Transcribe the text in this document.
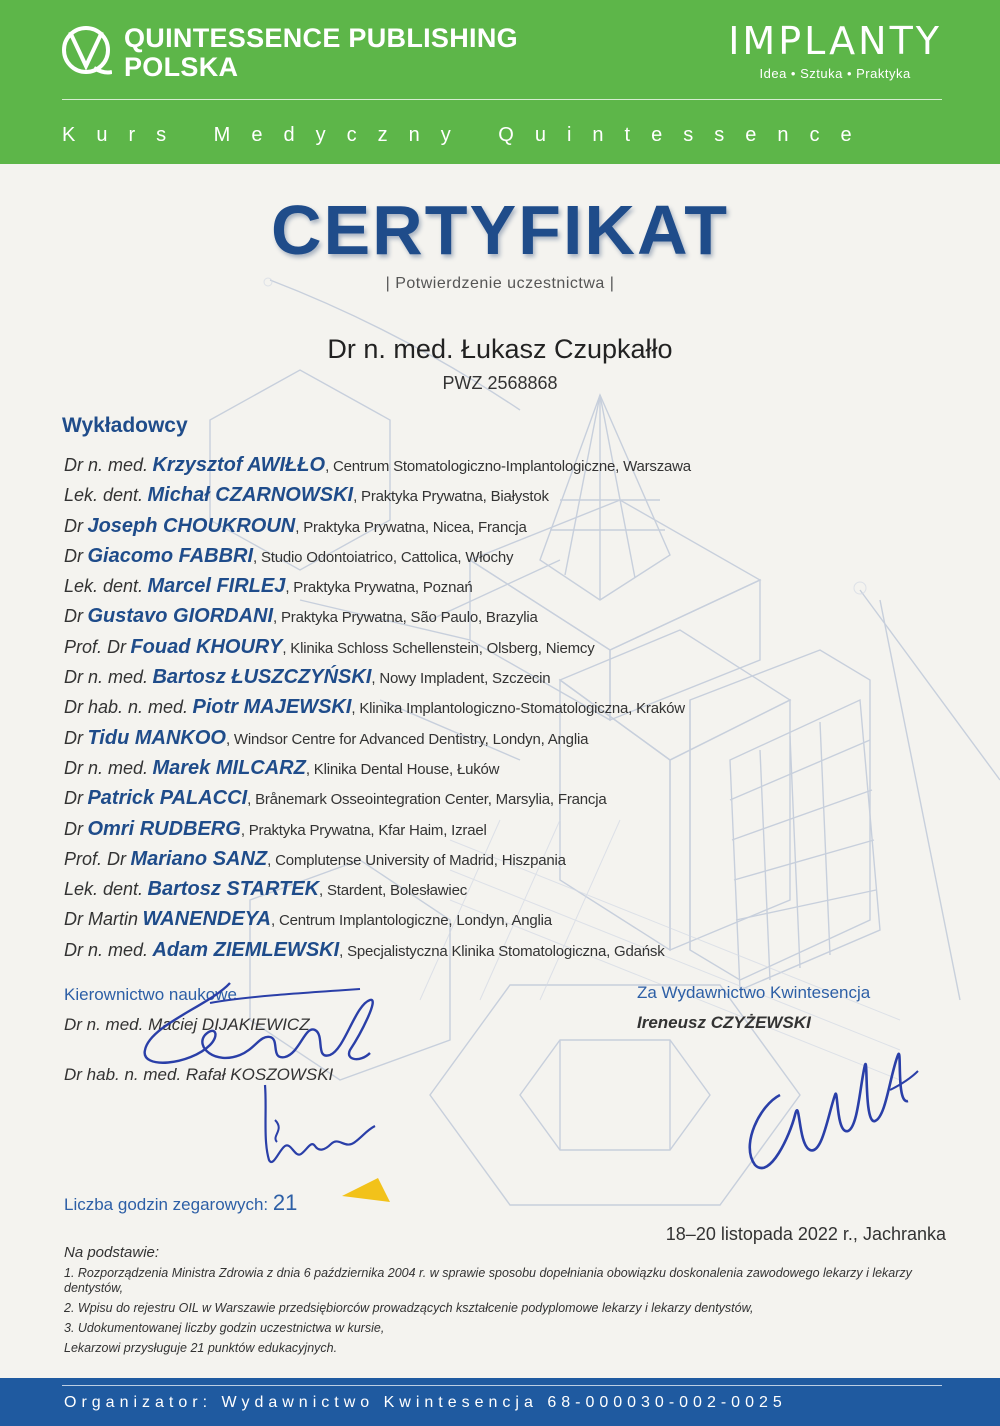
QUINTESSENCE PUBLISHING
POLSKA
IMPLANTY
Idea • Sztuka • Praktyka
Kurs Medyczny Quintessence
CERTYFIKAT
| Potwierdzenie uczestnictwa |
Dr n. med. Łukasz Czupkałło
PWZ 2568868
Wykładowcy
Dr n. med. Krzysztof AWIŁŁO, Centrum Stomatologiczno-Implantologiczne, Warszawa
Lek. dent. Michał CZARNOWSKI, Praktyka Prywatna, Białystok
Dr Joseph CHOUKROUN, Praktyka Prywatna, Nicea, Francja
Dr Giacomo FABBRI, Studio Odontoiatrico, Cattolica, Włochy
Lek. dent. Marcel FIRLEJ, Praktyka Prywatna, Poznań
Dr Gustavo GIORDANI, Praktyka Prywatna, São Paulo, Brazylia
Prof. Dr Fouad KHOURY, Klinika Schloss Schellenstein, Olsberg, Niemcy
Dr n. med. Bartosz ŁUSZCZYŃSKI, Nowy Impladent, Szczecin
Dr hab. n. med. Piotr MAJEWSKI, Klinika Implantologiczno-Stomatologiczna, Kraków
Dr Tidu MANKOO, Windsor Centre for Advanced Dentistry, Londyn, Anglia
Dr n. med. Marek MILCARZ, Klinika Dental House, Łuków
Dr Patrick PALACCI, Brånemark Osseointegration Center, Marsylia, Francja
Dr Omri RUDBERG, Praktyka Prywatna, Kfar Haim, Izrael
Prof. Dr Mariano SANZ, Complutense University of Madrid, Hiszpania
Lek. dent. Bartosz STARTEK, Stardent, Bolesławiec
Dr Martin WANENDEYA, Centrum Implantologiczne, Londyn, Anglia
Dr n. med. Adam ZIEMLEWSKI, Specjalistyczna Klinika Stomatologiczna, Gdańsk
Kierownictwo naukowe
Dr n. med. Maciej DIJAKIEWICZ
Dr hab. n. med. Rafał KOSZOWSKI
Za Wydawnictwo Kwintesencja
Ireneusz CZYŻEWSKI
Liczba godzin zegarowych: 21
18–20 listopada 2022 r., Jachranka
Na podstawie:
1. Rozporządzenia Ministra Zdrowia z dnia 6 października 2004 r. w sprawie sposobu dopełniania obowiązku doskonalenia zawodowego lekarzy i lekarzy dentystów,
2. Wpisu do rejestru OIL w Warszawie przedsiębiorców prowadzących kształcenie podyplomowe lekarzy i lekarzy dentystów,
3. Udokumentowanej liczby godzin uczestnictwa w kursie,
Lekarzowi przysługuje 21 punktów edukacyjnych.
Organizator: Wydawnictwo Kwintesencja 68-000030-002-0025
